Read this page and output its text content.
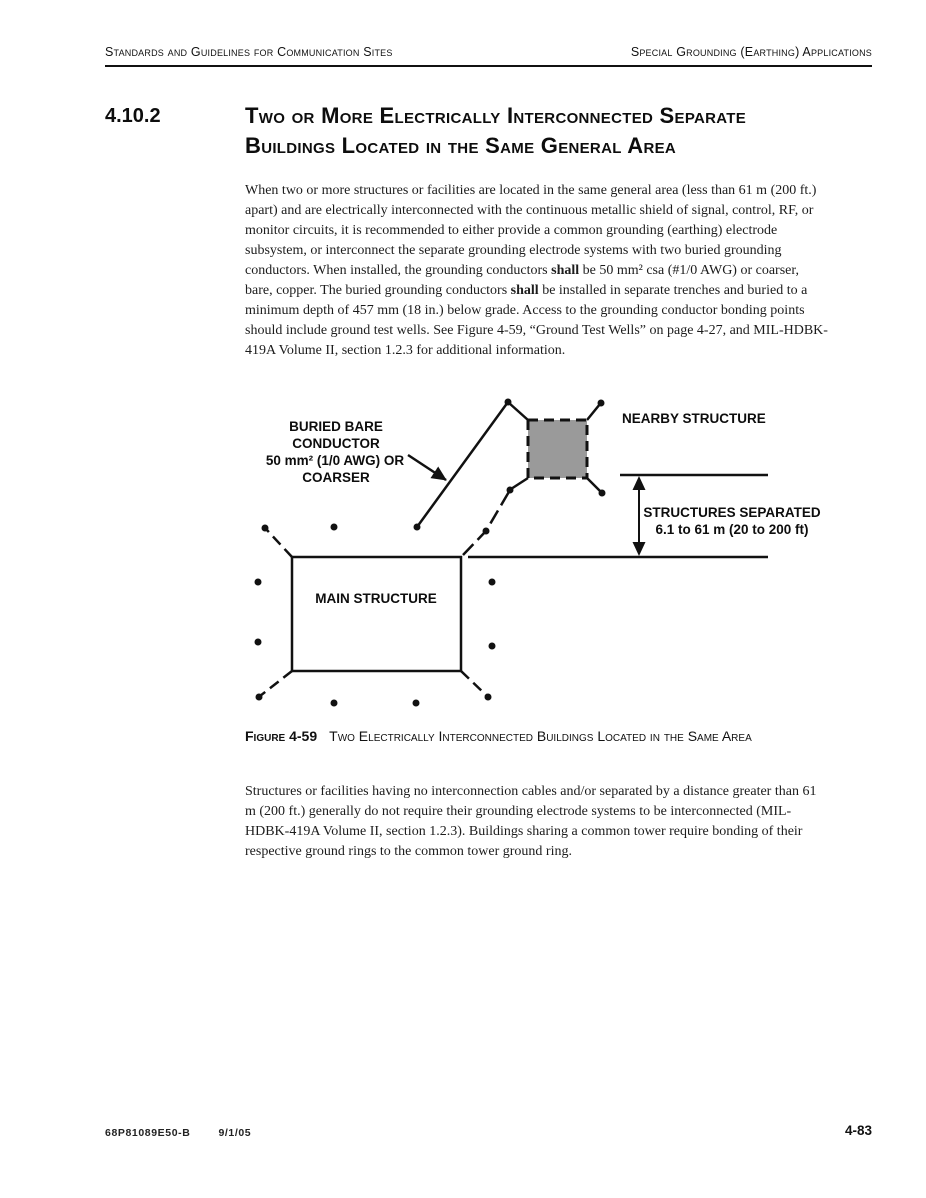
Standards and Guidelines for Communication Sites	Special Grounding (Earthing) Applications
4.10.2	Two or More Electrically Interconnected Separate
Buildings Located in the Same General Area
When two or more structures or facilities are located in the same general area (less than 61 m (200 ft.)
apart) and are electrically interconnected with the continuous metallic shield of signal, control, RF, or
monitor circuits, it is recommended to either provide a common grounding (earthing) electrode
subsystem, or interconnect the separate grounding electrode systems with two buried grounding
conductors. When installed, the grounding conductors shall be 50 mm² csa (#1/0 AWG) or coarser,
bare, copper. The buried grounding conductors shall be installed in separate trenches and buried to a
minimum depth of 457 mm (18 in.) below grade. Access to the grounding conductor bonding points
should include ground test wells. See Figure 4-59, “Ground Test Wells” on page 4-27, and MIL-HDBK-
419A Volume II, section 1.2.3 for additional information.
BURIED BARE
CONDUCTOR
50 mm² (1/0 AWG) OR
COARSER
NEARBY STRUCTURE
MAIN STRUCTURE
STRUCTURES SEPARATED
6.1 to 61 m (20 to 200 ft)
Figure 4-59 Two Electrically Interconnected Buildings Located in the Same Area
Structures or facilities having no interconnection cables and/or separated by a distance greater than 61
m (200 ft.) generally do not require their grounding electrode systems to be interconnected (MIL-
HDBK-419A Volume II, section 1.2.3). Buildings sharing a common tower require bonding of their
respective ground rings to the common tower ground ring.
68P81089E50-B	9/1/05	4-83
